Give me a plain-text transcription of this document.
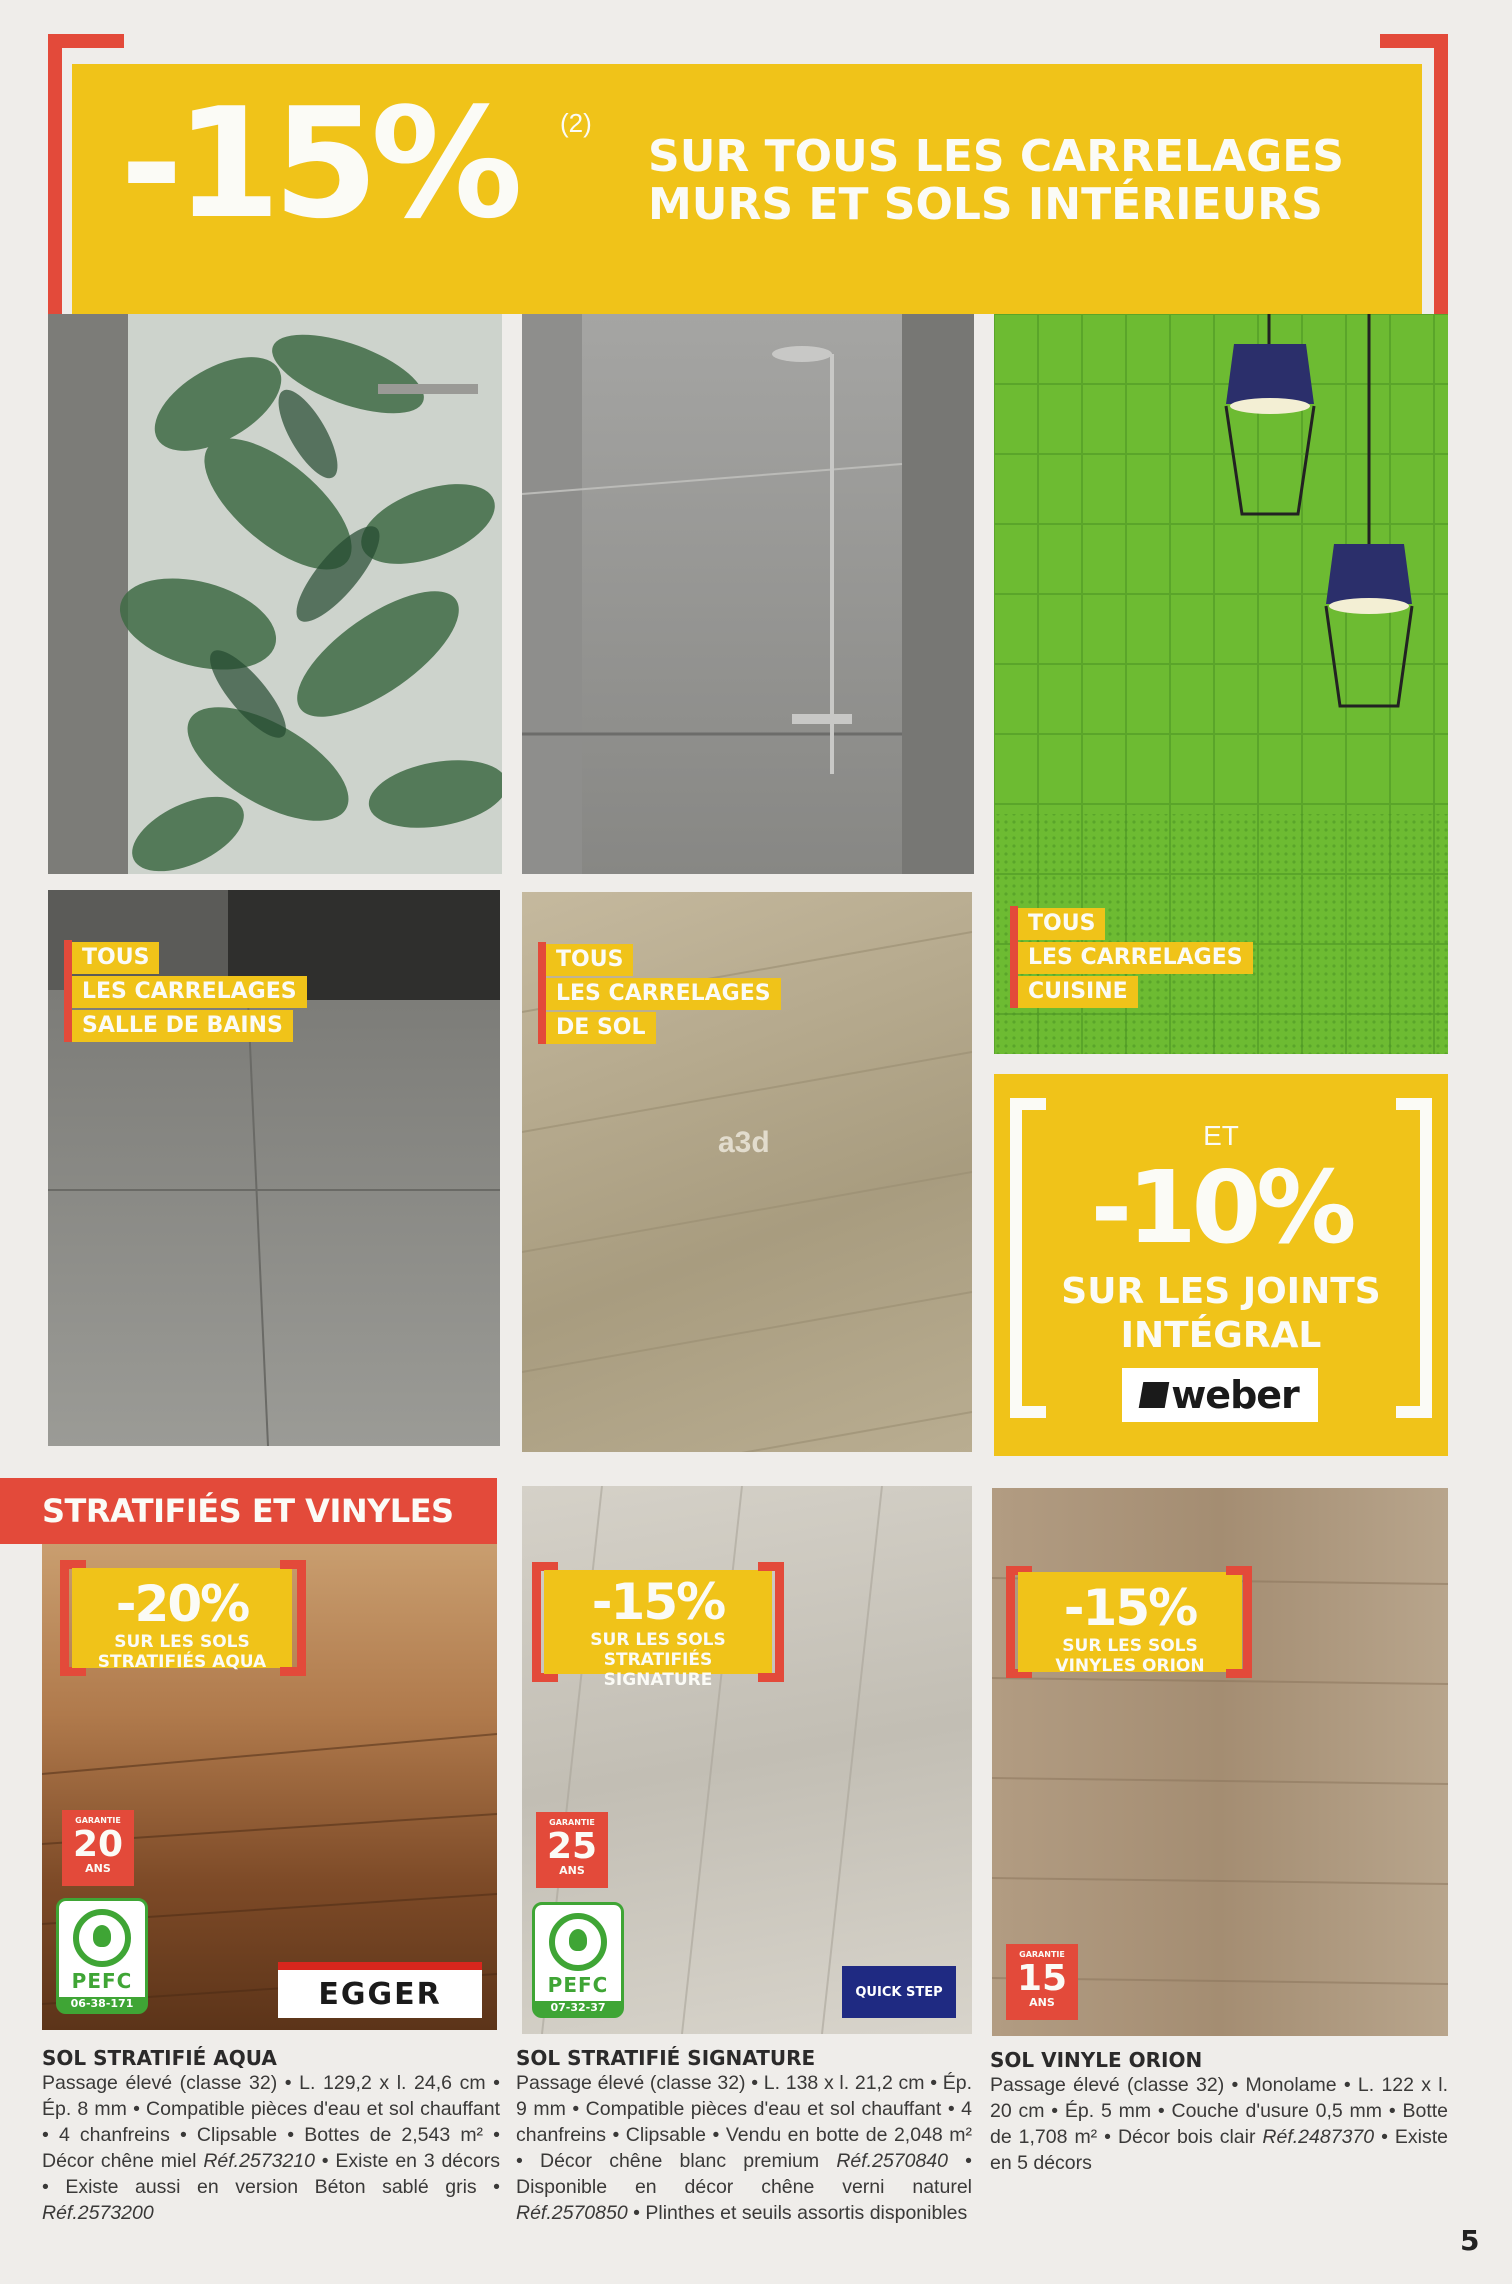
-15% (2)
SUR TOUS LES CARRELAGES
MURS ET SOLS INTÉRIEURS
TOUS
LES CARRELAGES
SALLE DE BAINS
a3d
TOUS
LES CARRELAGES
DE SOL
TOUS
LES CARRELAGES
CUISINE
ET
-10%
SUR LES JOINTS
INTÉGRAL
weber
STRATIFIÉS ET VINYLES
-20%
SUR LES SOLS
STRATIFIÉS AQUA
-15%
SUR LES SOLS
STRATIFIÉS
SIGNATURE
-15%
SUR LES SOLS
VINYLES ORION
GARANTIE
20
ANS
GARANTIE
25
ANS
GARANTIE
15
ANS
PEFC
06-38-171
PEFC
07-32-37
EGGER	QUICK STEP
SOL STRATIFIÉ AQUA
Passage élevé (classe 32) • L. 129,2 x l. 24,6 cm • Ép. 8 mm • Compatible pièces d'eau et sol chauffant • 4 chanfreins • Clipsable • Bottes de 2,543 m² • Décor chêne miel Réf.2573210 • Existe en 3 décors • Existe aussi en version Béton sablé gris • Réf.2573200
SOL STRATIFIÉ SIGNATURE
Passage élevé (classe 32) • L. 138 x l. 21,2 cm • Ép. 9 mm • Compatible pièces d'eau et sol chauffant • 4 chanfreins • Clipsable • Vendu en botte de 2,048 m² • Décor chêne blanc premium Réf.2570840 • Disponible en décor chêne verni naturel Réf.2570850 • Plinthes et seuils assortis disponibles
SOL VINYLE ORION
Passage élevé (classe 32) • Monolame • L. 122 x l. 20 cm • Ép. 5 mm • Couche d'usure 0,5 mm • Botte de 1,708 m² • Décor bois clair Réf.2487370 • Existe en 5 décors
5
